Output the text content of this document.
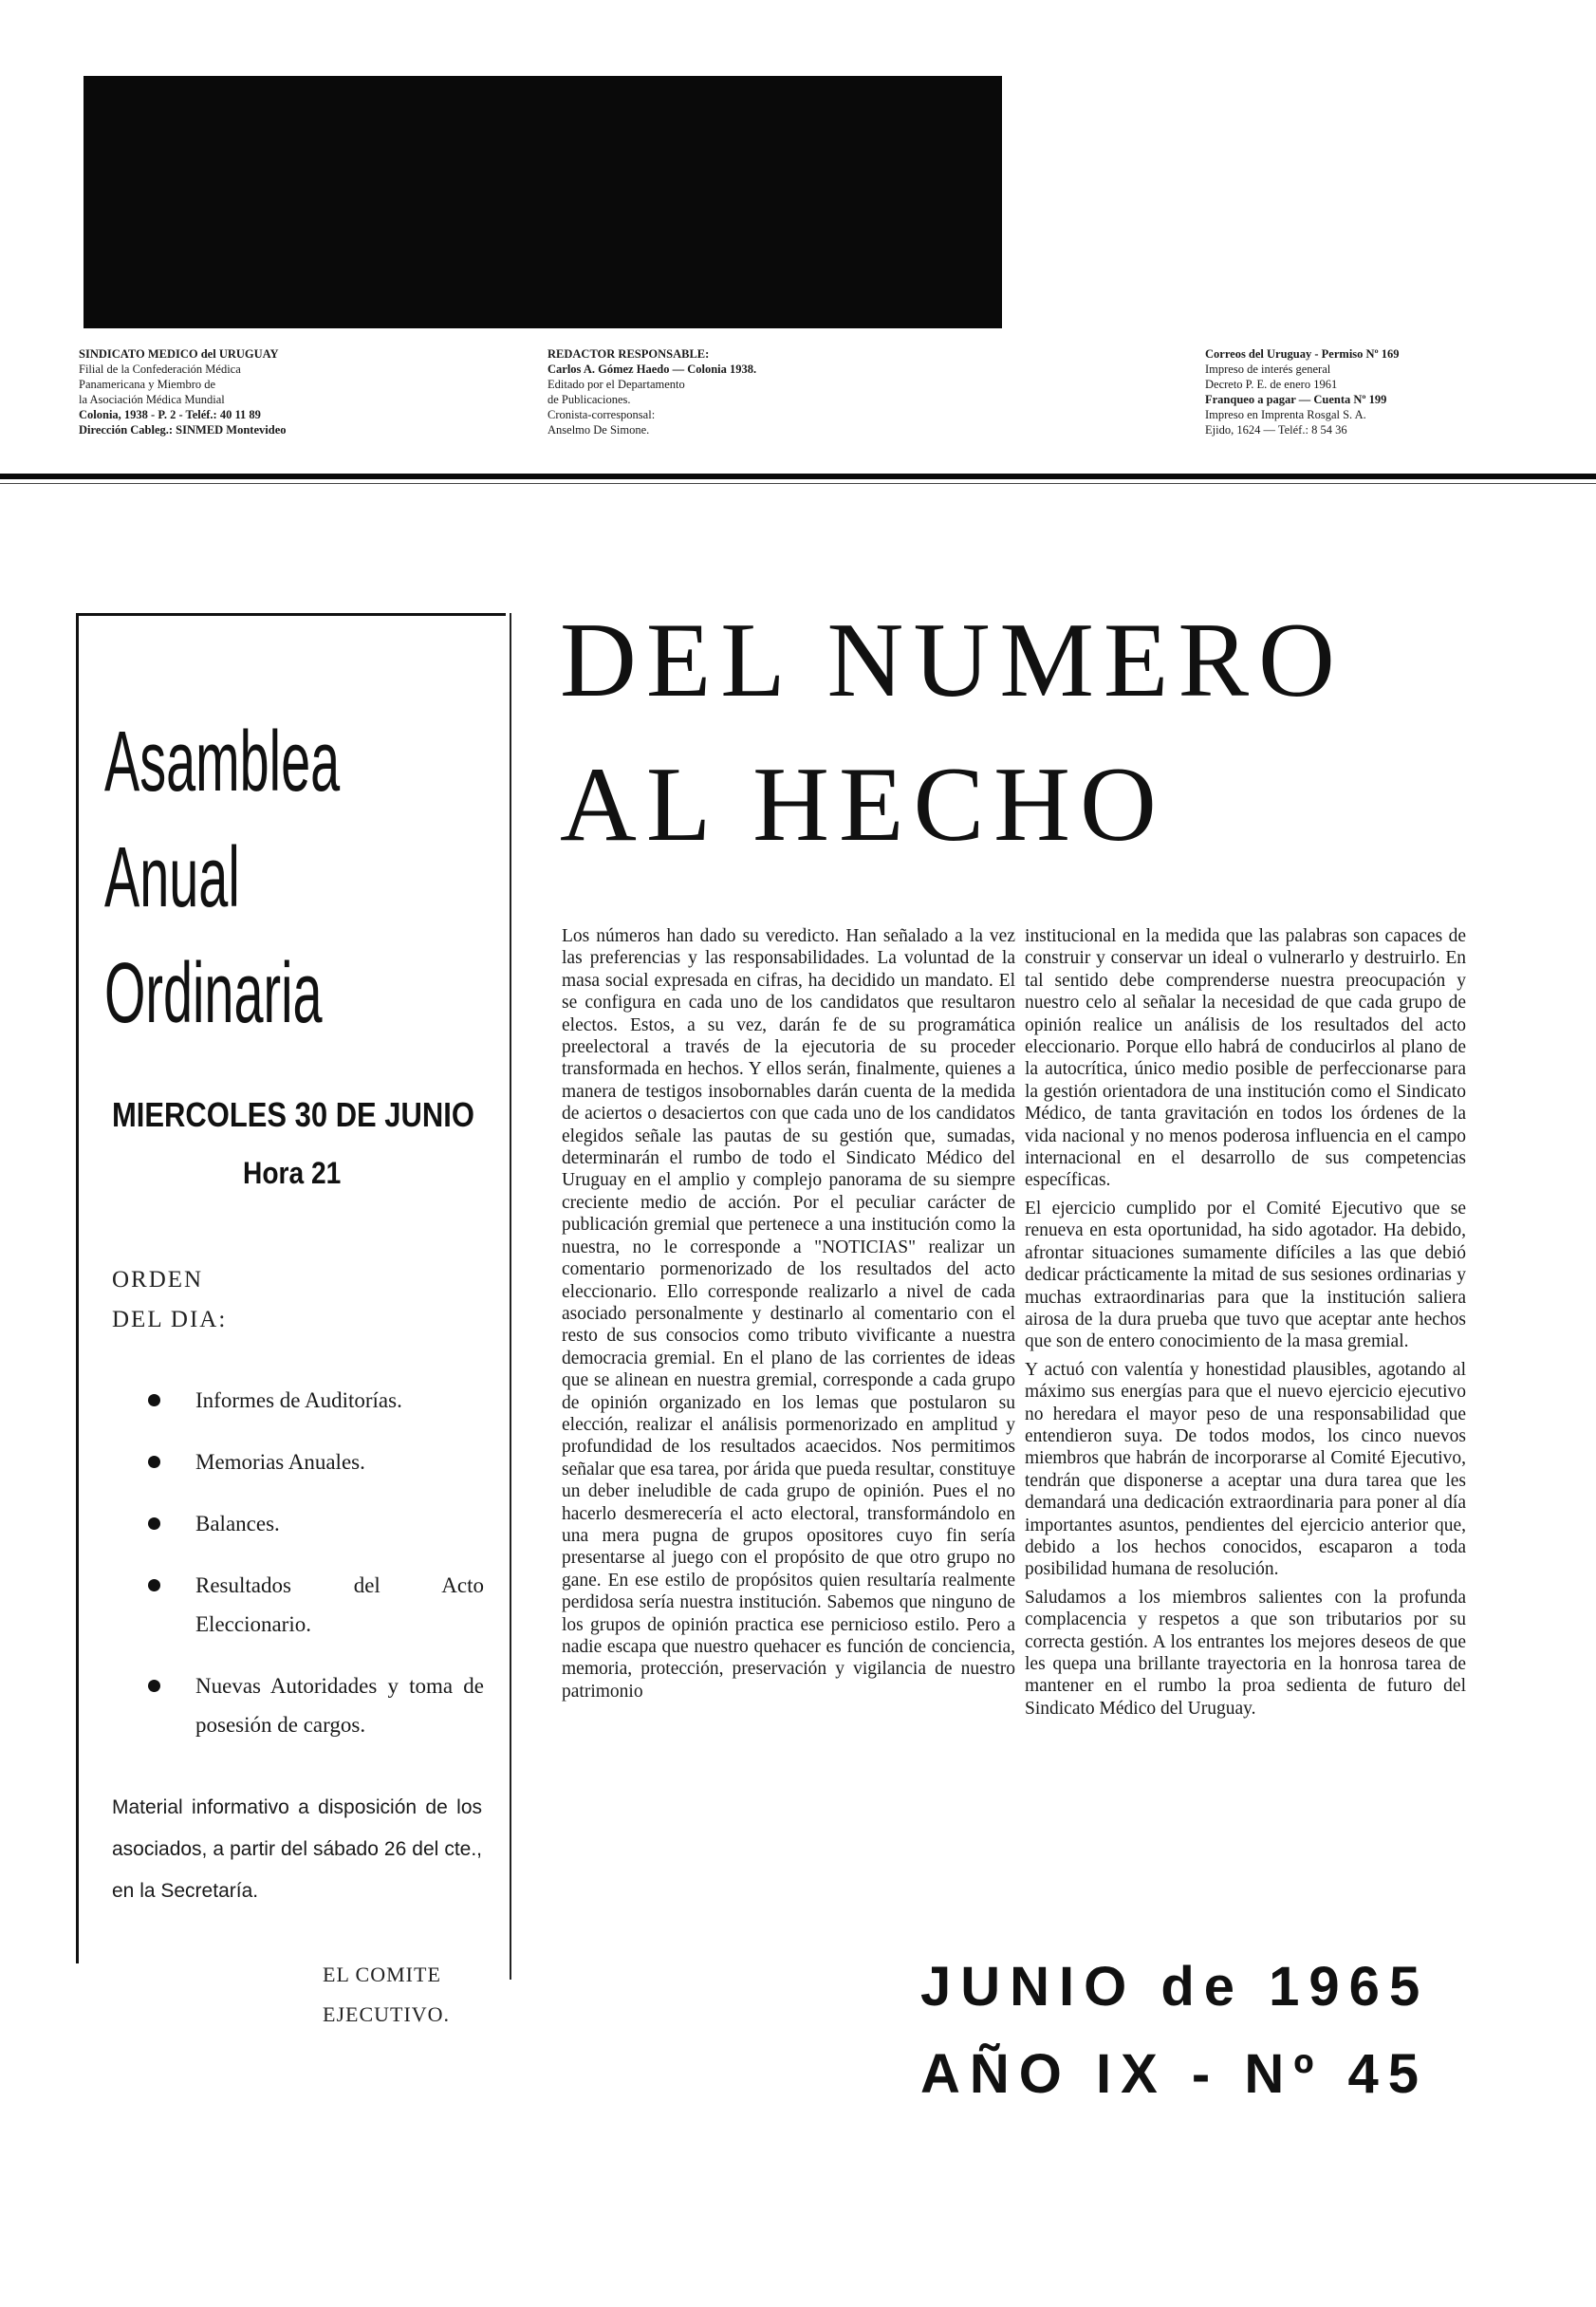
SINDICATO MEDICO del URUGUAY
Filial de la Confederación Médica
Panamericana y Miembro de
la Asociación Médica Mundial
Colonia, 1938 - P. 2 - Teléf.: 40 11 89
Dirección Cableg.: SINMED Montevideo
REDACTOR RESPONSABLE:
Carlos A. Gómez Haedo — Colonia 1938.
Editado por el Departamento
de Publicaciones.
Cronista-corresponsal:
Anselmo De Simone.
Correos del Uruguay - Permiso Nº 169
Impreso de interés general
Decreto P. E. de enero 1961
Franqueo a pagar — Cuenta Nº 199
Impreso en Imprenta Rosgal S. A.
Ejido, 1624 — Teléf.: 8 54 36
Asamblea
Anual
Ordinaria
MIERCOLES 30 DE JUNIO
Hora 21
ORDEN
DEL DIA:
Informes de Auditorías.
Memorias Anuales.
Balances.
Resultados del Acto Eleccionario.
Nuevas Autoridades y toma de posesión de cargos.
Material informativo a disposición de los asociados, a partir del sábado 26 del cte., en la Secretaría.
EL COMITE
EJECUTIVO.
DEL NUMERO
AL HECHO

Los números han dado su veredicto. Han señalado a la vez las preferencias y las responsabilidades. La voluntad de la masa social expresada en cifras, ha decidido un mandato. El se configura en cada uno de los candidatos que resultaron electos. Estos, a su vez, darán fe de su programática preelectoral a través de la ejecutoria de su proceder transformada en hechos. Y ellos serán, finalmente, quienes a manera de testigos insobornables darán cuenta de la medida de aciertos o desaciertos con que cada uno de los candidatos elegidos señale las pautas de su gestión que, sumadas, determinarán el rumbo de todo el Sindicato Médico del Uruguay en el amplio y complejo panorama de su siempre creciente medio de acción. Por el peculiar carácter de publicación gremial que pertenece a una institución como la nuestra, no le corresponde a "NOTICIAS" realizar un comentario pormenorizado de los resultados del acto eleccionario. Ello corresponde realizarlo a nivel de cada asociado personalmente y destinarlo al comentario con el resto de sus consocios como tributo vivificante a nuestra democracia gremial. En el plano de las corrientes de ideas que se alinean en nuestra gremial, corresponde a cada grupo de opinión organizado en los lemas que postularon su elección, realizar el análisis pormenorizado en amplitud y profundidad de los resultados acaecidos. Nos permitimos señalar que esa tarea, por árida que pueda resultar, constituye un deber ineludible de cada grupo de opinión. Pues el no hacerlo desmerecería el acto electoral, transformándolo en una mera pugna de grupos opositores cuyo fin sería presentarse al juego con el propósito de que otro grupo no gane. En ese estilo de propósitos quien resultaría realmente perdidosa sería nuestra institución. Sabemos que ninguno de los grupos de opinión practica ese pernicioso estilo. Pero a nadie escapa que nuestro quehacer es función de conciencia, memoria, protección, preservación y vigilancia de nuestro patrimonio

institucional en la medida que las palabras son capaces de construir y conservar un ideal o vulnerarlo y destruirlo. En tal sentido debe comprenderse nuestra preocupación y nuestro celo al señalar la necesidad de que cada grupo de opinión realice un análisis de los resultados del acto eleccionario. Porque ello habrá de conducirlos al plano de la autocrítica, único medio posible de perfeccionarse para la gestión orientadora de una institución como el Sindicato Médico, de tanta gravitación en todos los órdenes de la vida nacional y no menos poderosa influencia en el campo internacional en el desarrollo de sus competencias específicas.

El ejercicio cumplido por el Comité Ejecutivo que se renueva en esta oportunidad, ha sido agotador. Ha debido, afrontar situaciones sumamente difíciles a las que debió dedicar prácticamente la mitad de sus sesiones ordinarias y muchas extraordinarias para que la institución saliera airosa de la dura prueba que tuvo que aceptar ante hechos que son de entero conocimiento de la masa gremial.

Y actuó con valentía y honestidad plausibles, agotando al máximo sus energías para que el nuevo ejercicio ejecutivo no heredara el mayor peso de una responsabilidad que entendieron suya. De todos modos, los cinco nuevos miembros que habrán de incorporarse al Comité Ejecutivo, tendrán que disponerse a aceptar una dura tarea que les demandará una dedicación extraordinaria para poner al día importantes asuntos, pendientes del ejercicio anterior que, debido a los hechos conocidos, escaparon a toda posibilidad humana de resolución.

Saludamos a los miembros salientes con la profunda complacencia y respetos a que son tributarios por su correcta gestión. A los entrantes los mejores deseos de que les quepa una brillante trayectoria en la honrosa tarea de mantener en el rumbo la proa sedienta de futuro del Sindicato Médico del Uruguay.

JUNIO de 1965
AÑO IX - Nº 45
